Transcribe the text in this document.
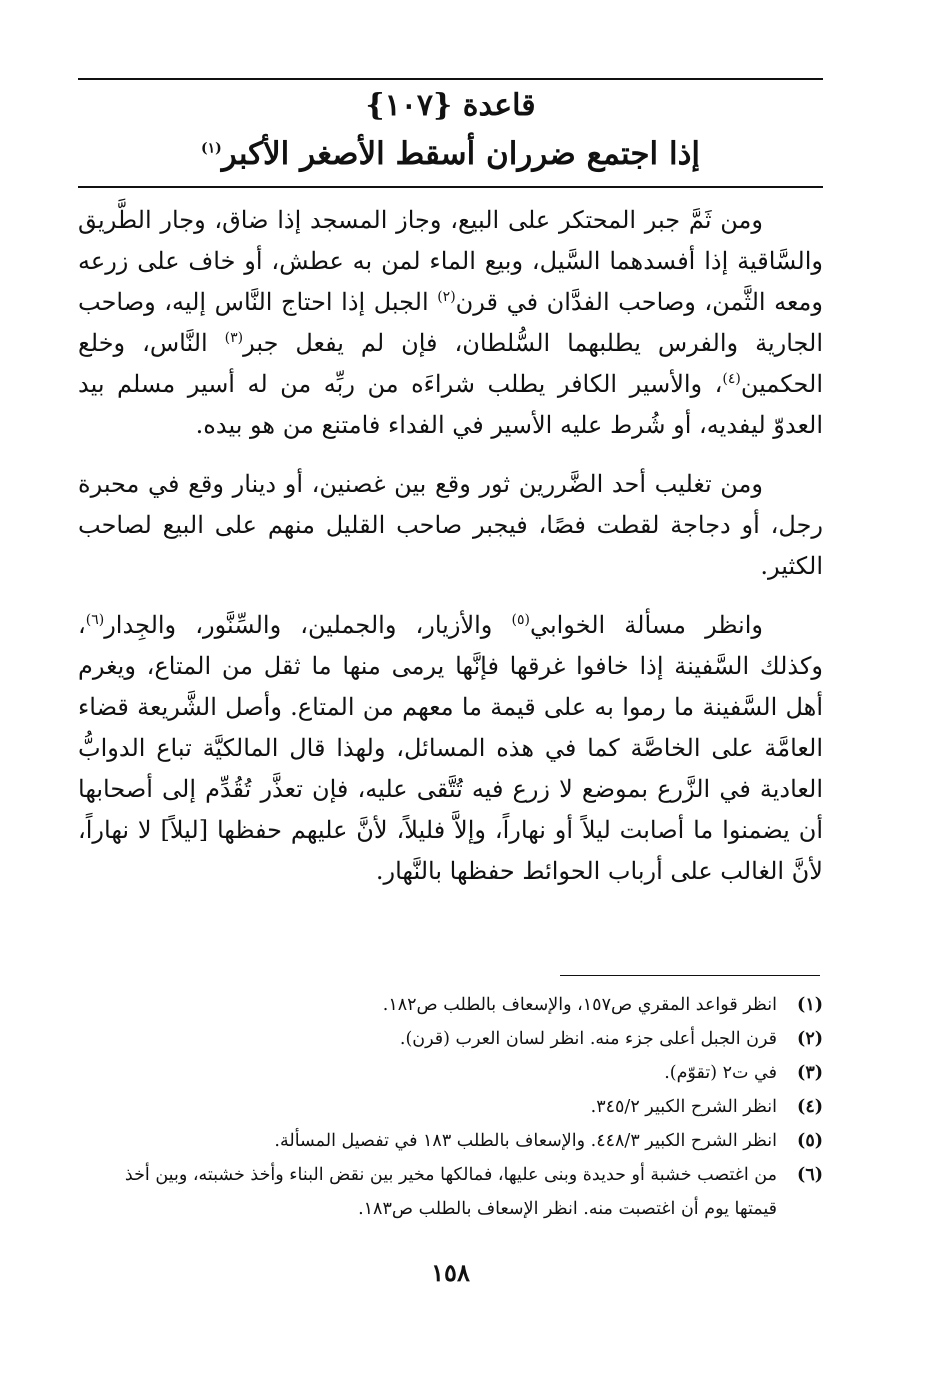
قاعدة {١٠٧}
إذا اجتمع ضرران أسقط الأصغر الأكبر$^{(١)}$

ومن ثَمَّ جبر المحتكر على البيع، وجاز المسجد إذا ضاق، وجار الطَّريق والسَّاقية إذا أفسدهما السَّيل، وبيع الماء لمن به عطش، أو خاف على زرعه ومعه الثَّمن، وصاحب الفدَّان في قرن$^{(٢)}$ الجبل إذا احتاج النَّاس إليه، وصاحب الجارية والفرس يطلبهما السُّلطان، فإن لم يفعل جبر$^{(٣)}$ النَّاس، وخلع الحكمين$^{(٤)}$، والأسير الكافر يطلب شراءَه من ربِّه من له أسير مسلم بيد العدوّ ليفديه، أو شُرط عليه الأسير في الفداء فامتنع من هو بيده.

ومن تغليب أحد الضَّررين ثور وقع بين غصنين، أو دينار وقع في محبرة رجل، أو دجاجة لقطت فصًا، فيجبر صاحب القليل منهم على البيع لصاحب الكثير.

وانظر مسألة الخوابي$^{(٥)}$ والأزيار، والجملين، والسِّنَّور، والجِدار$^{(٦)}$، وكذلك السَّفينة إذا خافوا غرقها فإنَّها يرمى منها ما ثقل من المتاع، ويغرم أهل السَّفينة ما رموا به على قيمة ما معهم من المتاع. وأصل الشَّريعة قضاء العامَّة على الخاصَّة كما في هذه المسائل، ولهذا قال المالكيَّة تباع الدوابُّ العادية في الزَّرع بموضع لا زرع فيه تُتَّقى عليه، فإن تعذَّر تُقُدِّم إلى أصحابها أن يضمنوا ما أصابت ليلاً أو نهاراً، وإلاَّ فليلاً، لأنَّ عليهم حفظها [ليلاً] لا نهاراً، لأنَّ الغالب على أرباب الحوائط حفظها بالنَّهار.

(١)
انظر قواعد المقري ص١٥٧، والإسعاف بالطلب ص١٨٢.
(٢)
قرن الجبل أعلى جزء منه. انظر لسان العرب (قرن).
(٣)
في ت٢ (تقوّم).
(٤)
انظر الشرح الكبير ٣٤٥/٢.
(٥)
انظر الشرح الكبير ٤٤٨/٣. والإسعاف بالطلب ١٨٣ في تفصيل المسألة.
(٦)
من اغتصب خشبة أو حديدة وبنى عليها، فمالكها مخير بين نقض البناء وأخذ خشبته، وبين أخذ قيمتها يوم أن اغتصبت منه. انظر الإسعاف بالطلب ص١٨٣.
١٥٨
